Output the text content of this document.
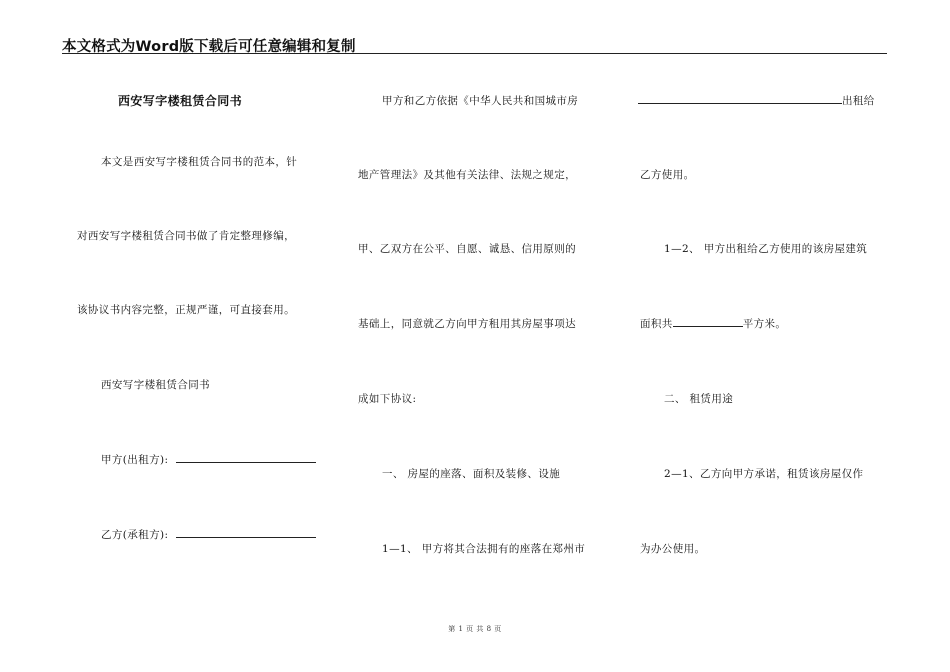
本文格式为Word版下载后可任意编辑和复制
西安写字楼租赁合同书
本文是西安写字楼租赁合同书的范本，针
对西安写字楼租赁合同书做了肯定整理修编，
该协议书内容完整，正规严谨，可直接套用。
西安写字楼租赁合同书
甲方(出租方):
乙方(承租方):
甲方和乙方依据《中华人民共和国城市房
地产管理法》及其他有关法律、法规之规定，
甲、乙双方在公平、自愿、诚恳、信用原则的
基础上，同意就乙方向甲方租用其房屋事项达
成如下协议:
一、 房屋的座落、面积及装修、设施
1—1、 甲方将其合法拥有的座落在郑州市
出租给
乙方使用。
1—2、 甲方出租给乙方使用的该房屋建筑
面积共	平方米。
二、 租赁用途
2—1、乙方向甲方承诺，租赁该房屋仅作
为办公使用。
第 1 页 共 8 页
